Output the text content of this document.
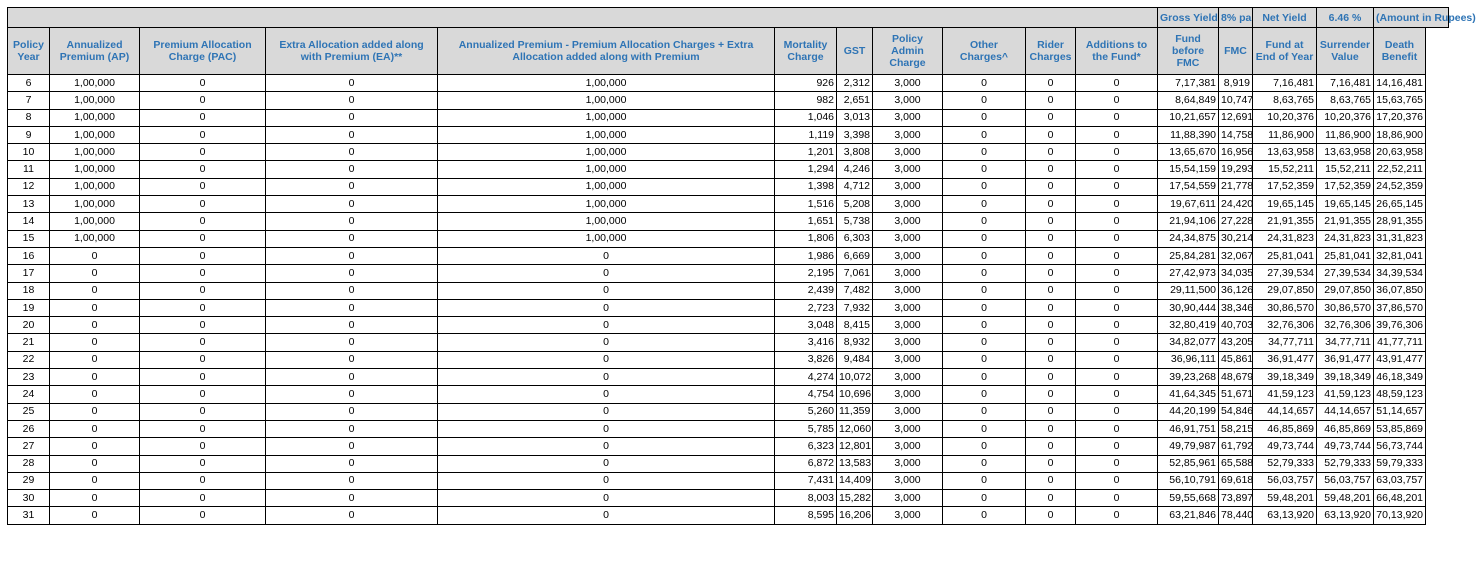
											Gross Yield	8% pa	Net Yield	6.46 %	(Amount in Rupees)
Policy Year	Annualized Premium (AP)	Premium Allocation Charge (PAC)	Extra Allocation added along with Premium (EA)**	Annualized Premium - Premium Allocation Charges + Extra Allocation added along with Premium	Mortality Charge	GST	Policy Admin Charge	Other Charges^	Rider Charges	Additions to the Fund*	Fund before FMC	FMC	Fund at End of Year	Surrender Value	Death Benefit
6	1,00,000	0	0	1,00,000	926	2,312	3,000	0	0	0	7,17,381	8,919	7,16,481	7,16,481	14,16,481
7	1,00,000	0	0	1,00,000	982	2,651	3,000	0	0	0	8,64,849	10,747	8,63,765	8,63,765	15,63,765
8	1,00,000	0	0	1,00,000	1,046	3,013	3,000	0	0	0	10,21,657	12,691	10,20,376	10,20,376	17,20,376
9	1,00,000	0	0	1,00,000	1,119	3,398	3,000	0	0	0	11,88,390	14,758	11,86,900	11,86,900	18,86,900
10	1,00,000	0	0	1,00,000	1,201	3,808	3,000	0	0	0	13,65,670	16,956	13,63,958	13,63,958	20,63,958
11	1,00,000	0	0	1,00,000	1,294	4,246	3,000	0	0	0	15,54,159	19,293	15,52,211	15,52,211	22,52,211
12	1,00,000	0	0	1,00,000	1,398	4,712	3,000	0	0	0	17,54,559	21,778	17,52,359	17,52,359	24,52,359
13	1,00,000	0	0	1,00,000	1,516	5,208	3,000	0	0	0	19,67,611	24,420	19,65,145	19,65,145	26,65,145
14	1,00,000	0	0	1,00,000	1,651	5,738	3,000	0	0	0	21,94,106	27,228	21,91,355	21,91,355	28,91,355
15	1,00,000	0	0	1,00,000	1,806	6,303	3,000	0	0	0	24,34,875	30,214	24,31,823	24,31,823	31,31,823
16	0	0	0	0	1,986	6,669	3,000	0	0	0	25,84,281	32,067	25,81,041	25,81,041	32,81,041
17	0	0	0	0	2,195	7,061	3,000	0	0	0	27,42,973	34,035	27,39,534	27,39,534	34,39,534
18	0	0	0	0	2,439	7,482	3,000	0	0	0	29,11,500	36,126	29,07,850	29,07,850	36,07,850
19	0	0	0	0	2,723	7,932	3,000	0	0	0	30,90,444	38,346	30,86,570	30,86,570	37,86,570
20	0	0	0	0	3,048	8,415	3,000	0	0	0	32,80,419	40,703	32,76,306	32,76,306	39,76,306
21	0	0	0	0	3,416	8,932	3,000	0	0	0	34,82,077	43,205	34,77,711	34,77,711	41,77,711
22	0	0	0	0	3,826	9,484	3,000	0	0	0	36,96,111	45,861	36,91,477	36,91,477	43,91,477
23	0	0	0	0	4,274	10,072	3,000	0	0	0	39,23,268	48,679	39,18,349	39,18,349	46,18,349
24	0	0	0	0	4,754	10,696	3,000	0	0	0	41,64,345	51,671	41,59,123	41,59,123	48,59,123
25	0	0	0	0	5,260	11,359	3,000	0	0	0	44,20,199	54,846	44,14,657	44,14,657	51,14,657
26	0	0	0	0	5,785	12,060	3,000	0	0	0	46,91,751	58,215	46,85,869	46,85,869	53,85,869
27	0	0	0	0	6,323	12,801	3,000	0	0	0	49,79,987	61,792	49,73,744	49,73,744	56,73,744
28	0	0	0	0	6,872	13,583	3,000	0	0	0	52,85,961	65,588	52,79,333	52,79,333	59,79,333
29	0	0	0	0	7,431	14,409	3,000	0	0	0	56,10,791	69,618	56,03,757	56,03,757	63,03,757
30	0	0	0	0	8,003	15,282	3,000	0	0	0	59,55,668	73,897	59,48,201	59,48,201	66,48,201
31	0	0	0	0	8,595	16,206	3,000	0	0	0	63,21,846	78,440	63,13,920	63,13,920	70,13,920
